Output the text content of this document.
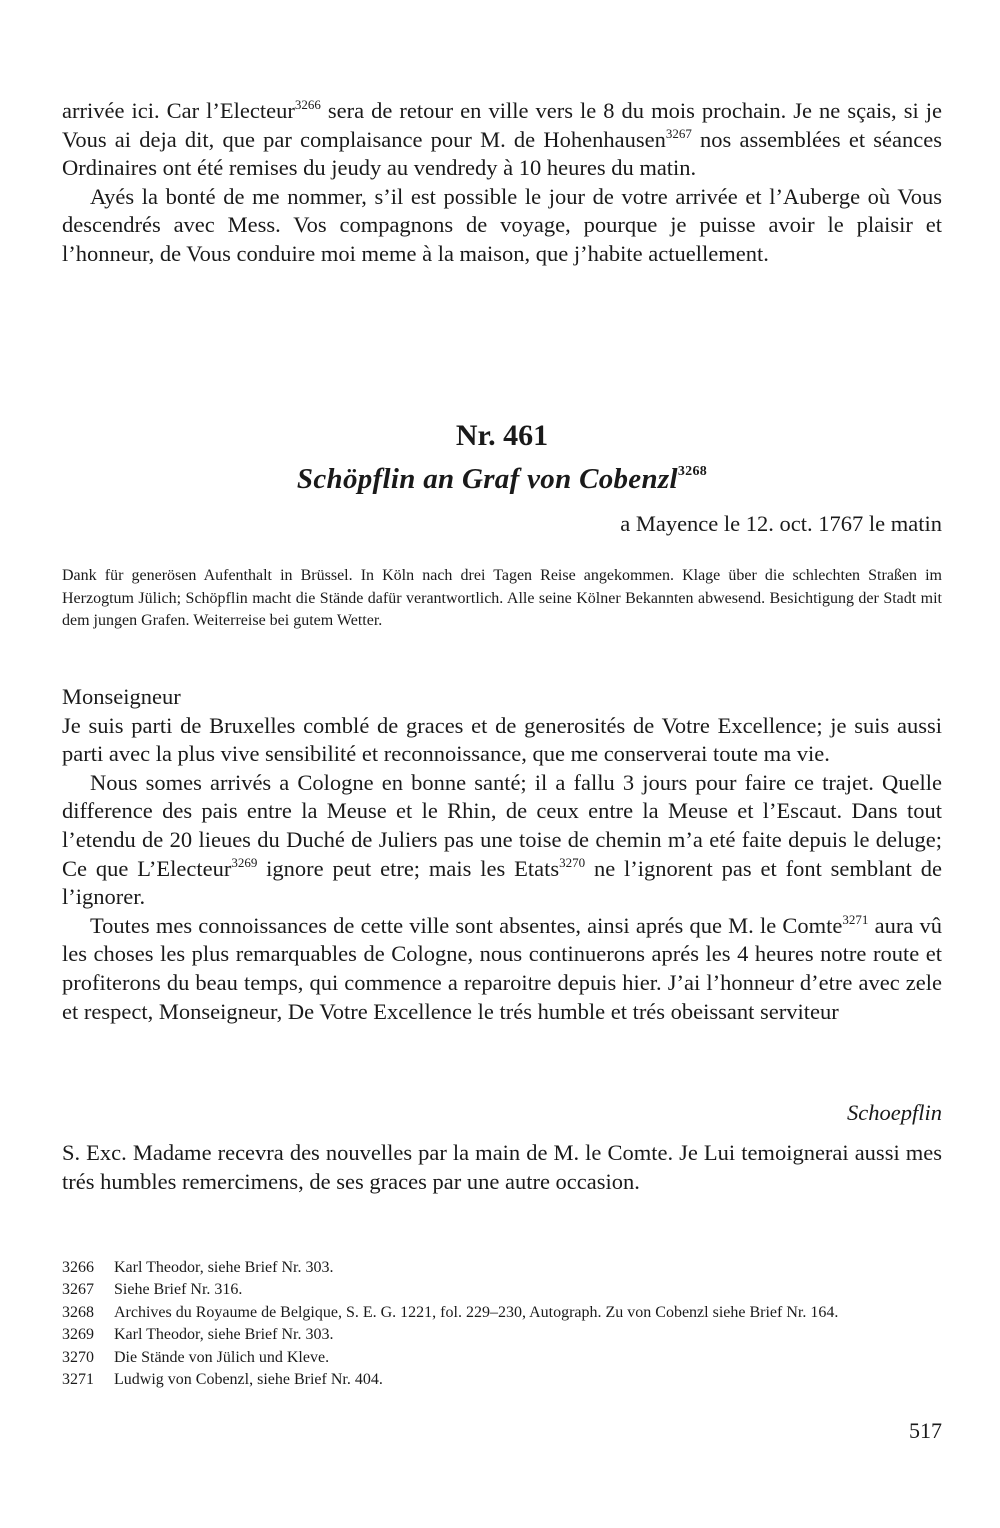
arrivée ici. Car l’Electeur$^{3266}$ sera de retour en ville vers le 8 du mois prochain. Je ne sçais, si je Vous ai deja dit, que par complaisance pour M. de Hohenhausen$^{3267}$ nos assemblées et séances Ordinaires ont été remises du jeudy au vendredy à 10 heures du matin.

Ayés la bonté de me nommer, s’il est possible le jour de votre arrivée et l’Auberge où Vous descendrés avec Mess. Vos compagnons de voyage, pourque je puisse avoir le plaisir et l’honneur, de Vous conduire moi meme à la maison, que j’habite actuellement.

Nr. 461
Schöpflin an Graf von Cobenzl$^{3268}$

a Mayence le 12. oct. 1767 le matin

Dank für generösen Aufenthalt in Brüssel. In Köln nach drei Tagen Reise angekommen. Klage über die schlechten Straßen im Herzogtum Jülich; Schöpflin macht die Stände dafür verantwortlich. Alle seine Kölner Bekannten abwesend. Besichtigung der Stadt mit dem jungen Grafen. Weiterreise bei gutem Wetter.

Monseigneur

Je suis parti de Bruxelles comblé de graces et de generosités de Votre Excellence; je suis aussi parti avec la plus vive sensibilité et reconnoissance, que me conserverai toute ma vie.

Nous somes arrivés a Cologne en bonne santé; il a fallu 3 jours pour faire ce trajet. Quelle difference des pais entre la Meuse et le Rhin, de ceux entre la Meuse et l’Escaut. Dans tout l’etendu de 20 lieues du Duché de Juliers pas une toise de chemin m’a eté faite depuis le deluge; Ce que L’Electeur$^{3269}$ ignore peut etre; mais les Etats$^{3270}$ ne l’ignorent pas et font semblant de l’ignorer.

Toutes mes connoissances de cette ville sont absentes, ainsi aprés que M. le Comte$^{3271}$ aura vû les choses les plus remarquables de Cologne, nous continuerons aprés les 4 heures notre route et profiterons du beau temps, qui commence a reparoitre depuis hier. J’ai l’honneur d’etre avec zele et respect, Monseigneur, De Votre Excellence le trés humble et trés obeissant serviteur

Schoepflin

S. Exc. Madame recevra des nouvelles par la main de M. le Comte. Je Lui temoignerai aussi mes trés humbles remercimens, de ses graces par une autre occasion.

3266	Karl Theodor, siehe Brief Nr. 303.
3267	Siehe Brief Nr. 316.
3268	Archives du Royaume de Belgique, S. E. G. 1221, fol. 229–230, Autograph. Zu von Cobenzl siehe Brief Nr. 164.
3269	Karl Theodor, siehe Brief Nr. 303.
3270	Die Stände von Jülich und Kleve.
3271	Ludwig von Cobenzl, siehe Brief Nr. 404.
517
